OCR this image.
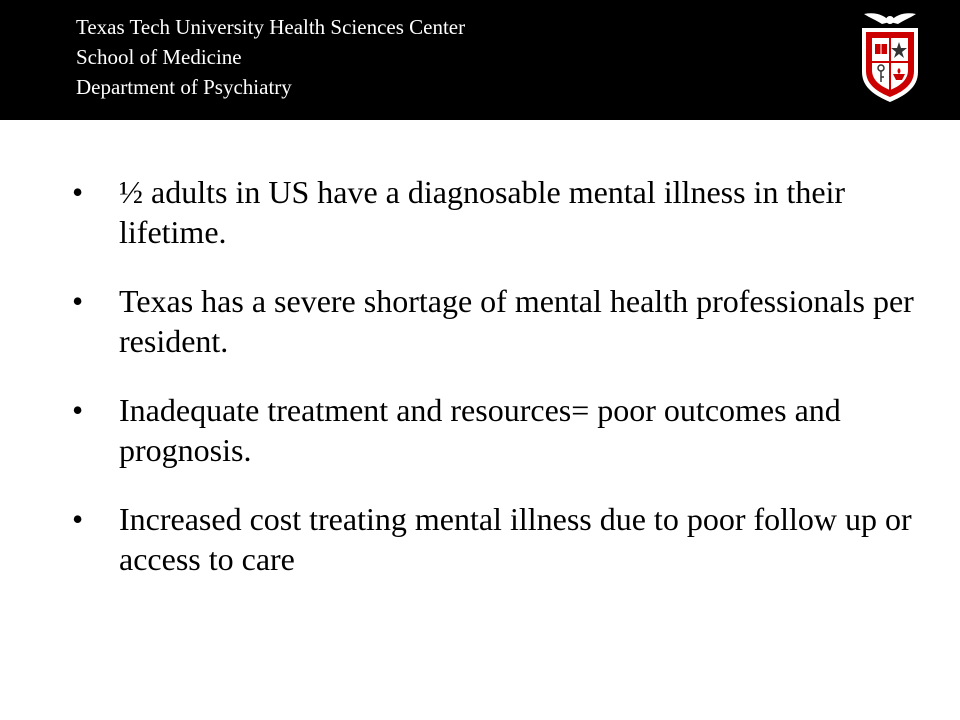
Texas Tech University Health Sciences Center
School of Medicine
Department of Psychiatry
• ½ adults in US have a diagnosable mental illness in their lifetime.
• Texas has a severe shortage of mental health professionals per resident.
• Inadequate treatment and resources= poor outcomes and prognosis.
• Increased cost treating mental illness due to poor follow up or access to care
